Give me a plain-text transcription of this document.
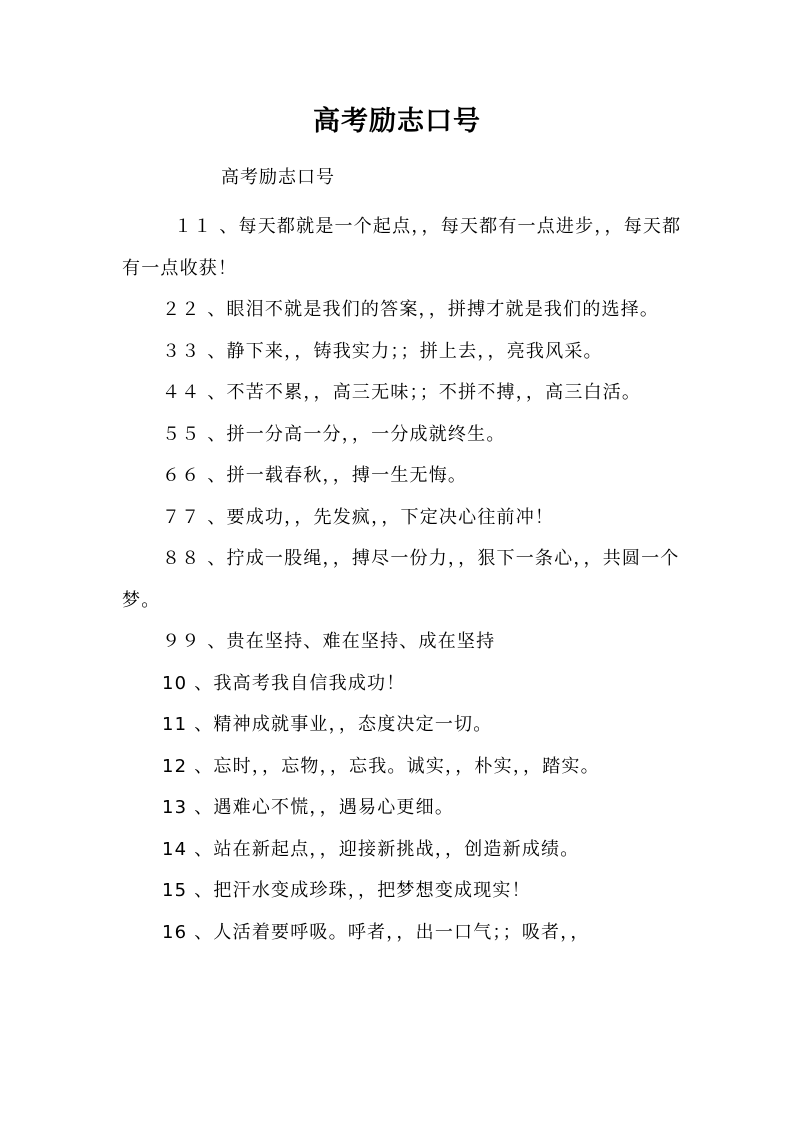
高考励志口号
高考励志口号

１１ 、每天都就是一个起点，，每天都有一点进步，，每天都有一点收获！

２２ 、眼泪不就是我们的答案，，拼搏才就是我们的选择。

３３ 、静下来，，铸我实力；；拼上去，，亮我风采。

４４ 、不苦不累，，高三无味；；不拼不搏，，高三白活。

５５ 、拼一分高一分，，一分成就终生。

６６ 、拼一载春秋，，搏一生无悔。

７７ 、要成功，，先发疯，，下定决心往前冲！

８８ 、拧成一股绳，，搏尽一份力，，狠下一条心，，共圆一个梦。

９９ 、贵在坚持、难在坚持、成在坚持

10 、我高考我自信我成功！

11 、精神成就事业，，态度决定一切。

12 、忘时，，忘物，，忘我。诚实，，朴实，，踏实。

13 、遇难心不慌，，遇易心更细。

14 、站在新起点，，迎接新挑战，，创造新成绩。

15 、把汗水变成珍珠，，把梦想变成现实！

16 、人活着要呼吸。呼者，，出一口气；；吸者，，
